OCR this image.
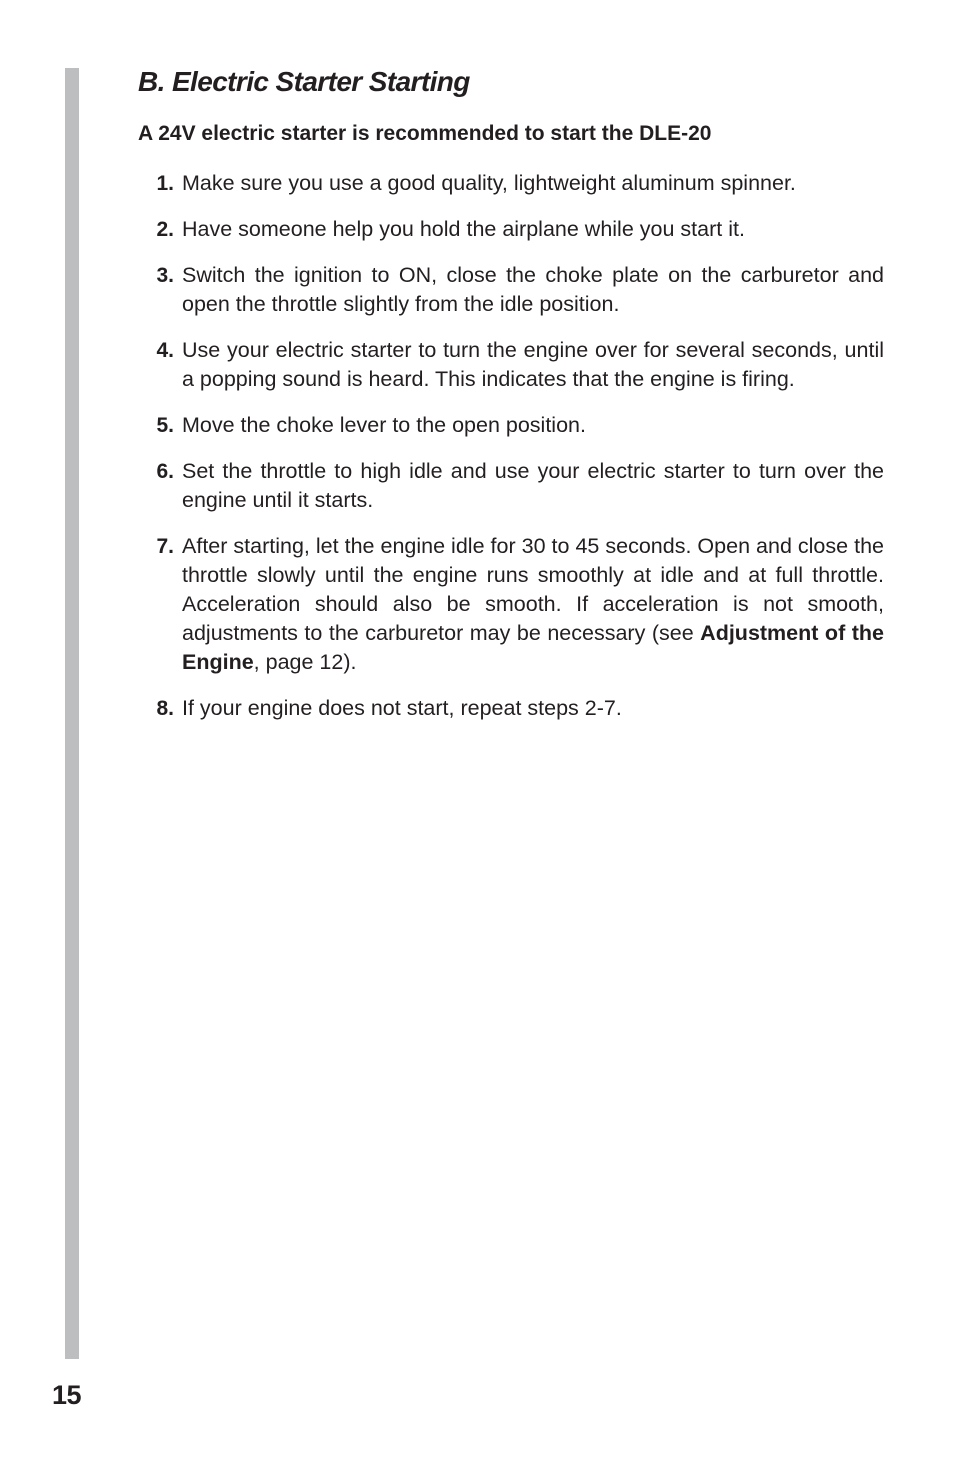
B. Electric Starter Starting

A 24V electric starter is recommended to start the DLE-20

1. Make sure you use a good quality, lightweight aluminum spinner.
2. Have someone help you hold the airplane while you start it.
3. Switch the ignition to ON, close the choke plate on the carburetor and open the throttle slightly from the idle position.
4. Use your electric starter to turn the engine over for several seconds, until a popping sound is heard. This indicates that the engine is firing.
5. Move the choke lever to the open position.
6. Set the throttle to high idle and use your electric starter to turn over the engine until it starts.
7. After starting, let the engine idle for 30 to 45 seconds. Open and close the throttle slowly until the engine runs smoothly at idle and at full throttle. Acceleration should also be smooth. If acceleration is not smooth, adjustments to the carburetor may be necessary (see Adjustment of the Engine, page 12).
8. If your engine does not start, repeat steps 2-7.
15
